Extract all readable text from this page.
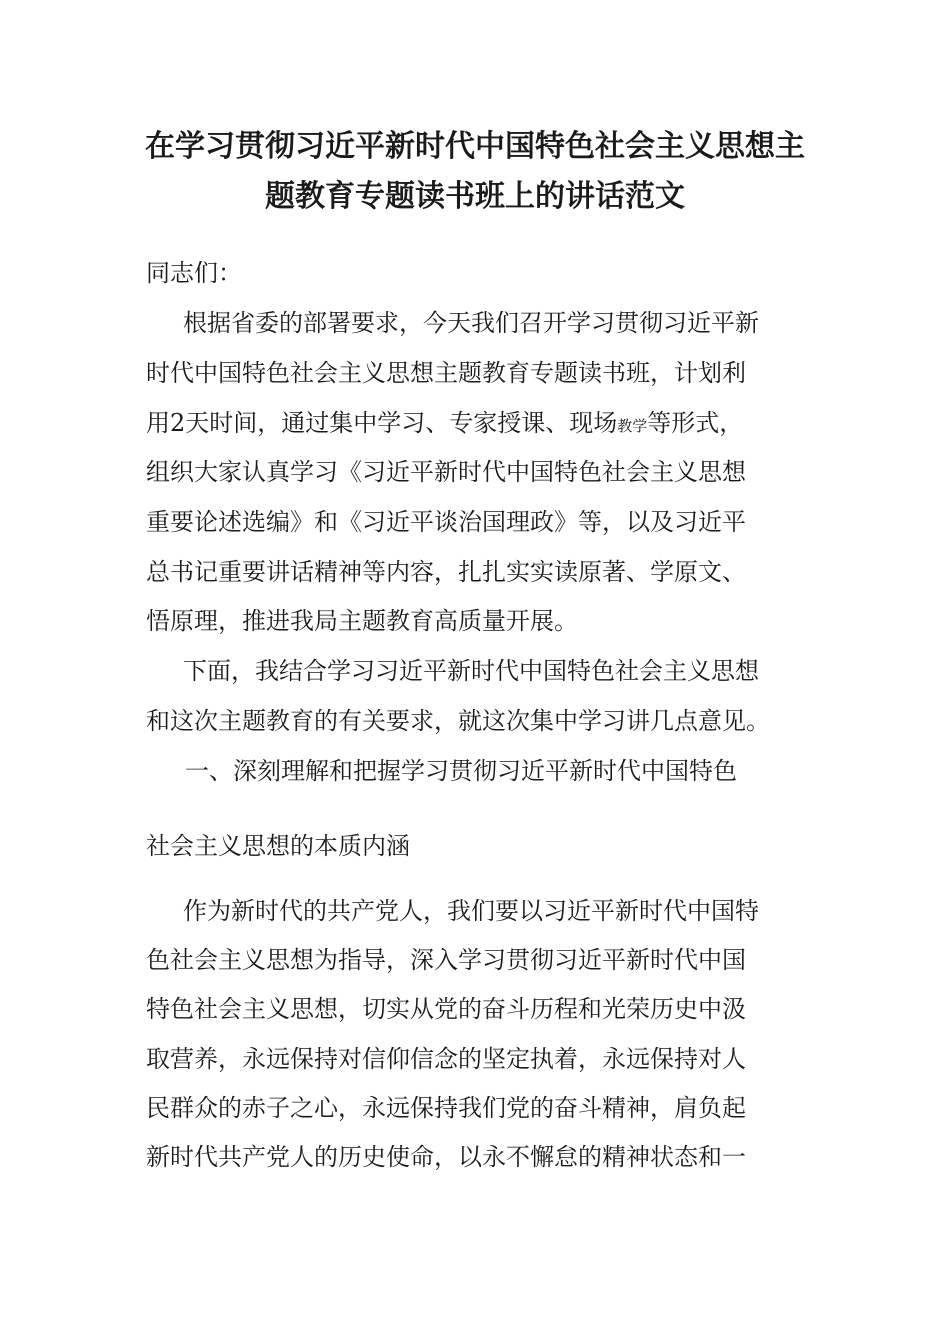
在学习贯彻习近平新时代中国特色社会主义思想主
题教育专题读书班上的讲话范文
同志们：
根据省委的部署要求，今天我们召开学习贯彻习近平新
时代中国特色社会主义思想主题教育专题读书班，计划利
用2天时间，通过集中学习、专家授课、现场教学等形式，
组织大家认真学习《习近平新时代中国特色社会主义思想
重要论述选编》和《习近平谈治国理政》等，以及习近平
总书记重要讲话精神等内容，扎扎实实读原著、学原文、
悟原理，推进我局主题教育高质量开展。
下面，我结合学习习近平新时代中国特色社会主义思想
和这次主题教育的有关要求，就这次集中学习讲几点意见。
一、深刻理解和把握学习贯彻习近平新时代中国特色
社会主义思想的本质内涵
作为新时代的共产党人，我们要以习近平新时代中国特
色社会主义思想为指导，深入学习贯彻习近平新时代中国
特色社会主义思想，切实从党的奋斗历程和光荣历史中汲
取营养，永远保持对信仰信念的坚定执着，永远保持对人
民群众的赤子之心，永远保持我们党的奋斗精神，肩负起
新时代共产党人的历史使命，以永不懈怠的精神状态和一
